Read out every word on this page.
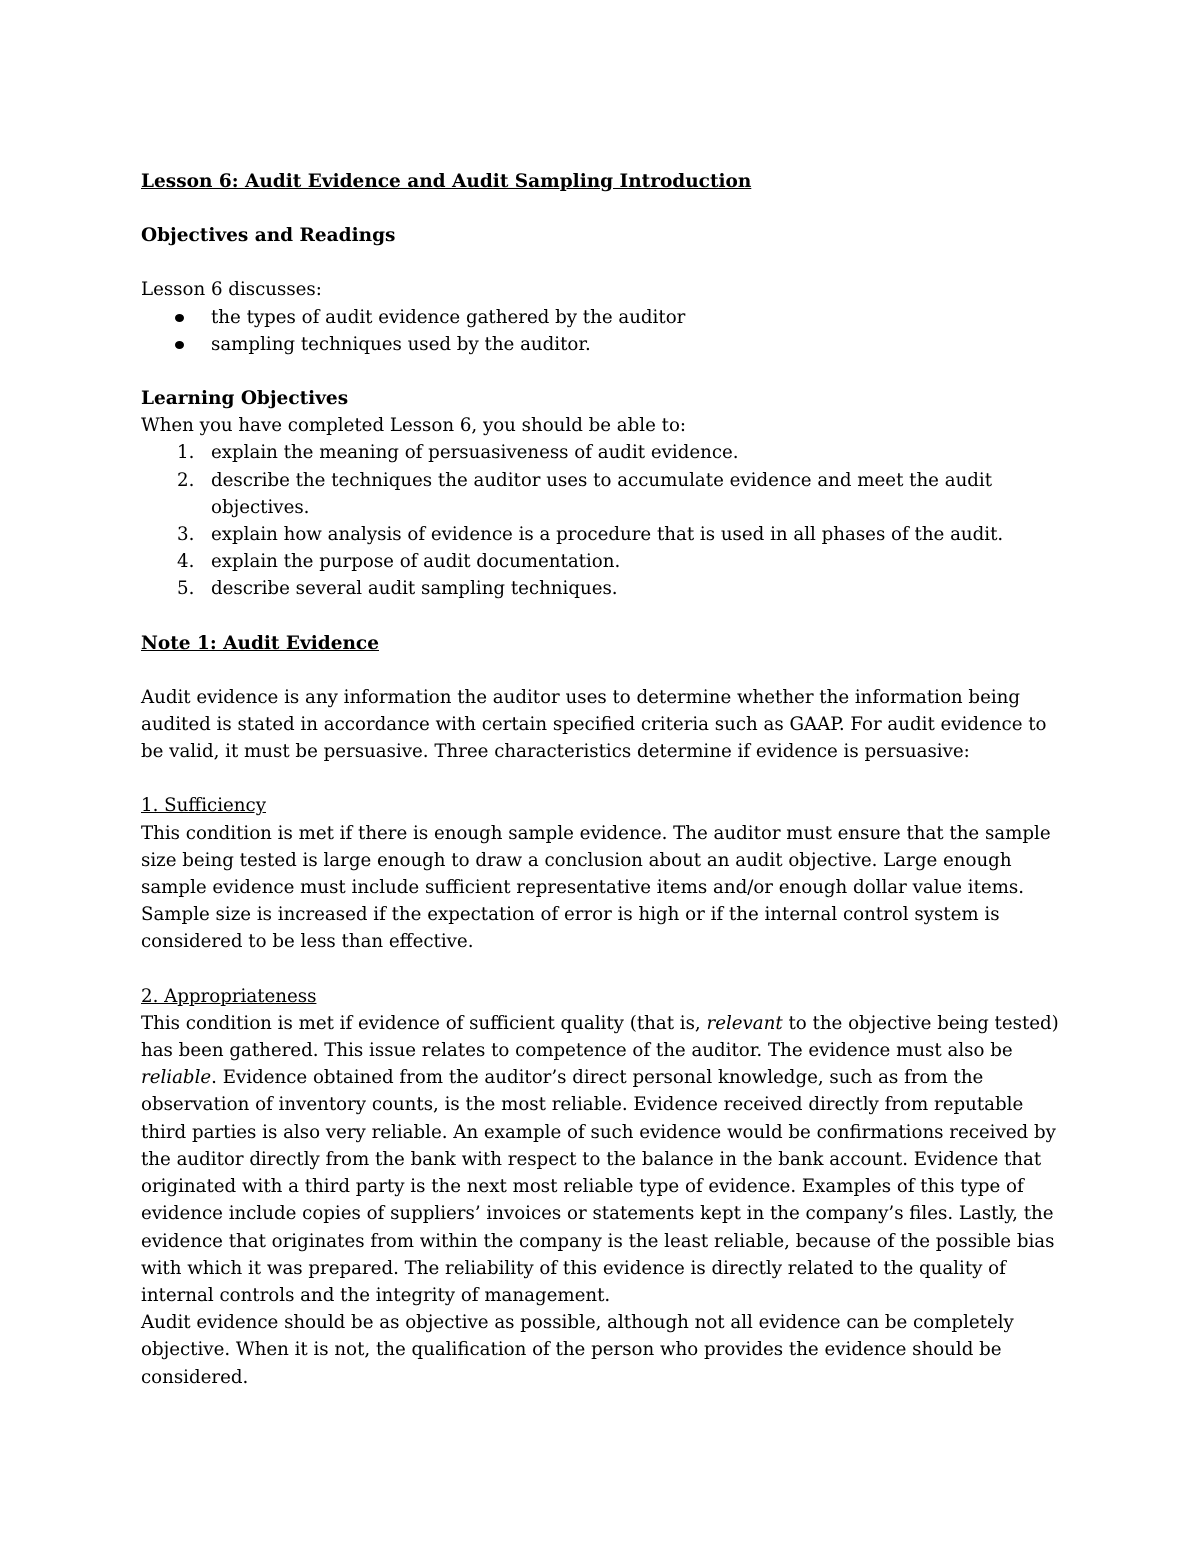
Lesson 6: Audit Evidence and Audit Sampling Introduction

Objectives and Readings

Lesson 6 discusses:

the types of audit evidence gathered by the auditor
sampling techniques used by the auditor.

Learning Objectives

When you have completed Lesson 6, you should be able to:

1. explain the meaning of persuasiveness of audit evidence.
2. describe the techniques the auditor uses to accumulate evidence and meet the audit objectives.
3. explain how analysis of evidence is a procedure that is used in all phases of the audit.
4. explain the purpose of audit documentation.
5. describe several audit sampling techniques.

Note 1: Audit Evidence

Audit evidence is any information the auditor uses to determine whether the information being audited is stated in accordance with certain specified criteria such as GAAP. For audit evidence to be valid, it must be persuasive. Three characteristics determine if evidence is persuasive:

1. Sufficiency

This condition is met if there is enough sample evidence. The auditor must ensure that the sample size being tested is large enough to draw a conclusion about an audit objective. Large enough sample evidence must include sufficient representative items and/or enough dollar value items. Sample size is increased if the expectation of error is high or if the internal control system is considered to be less than effective.

2. Appropriateness

This condition is met if evidence of sufficient quality (that is, relevant to the objective being tested) has been gathered. This issue relates to competence of the auditor. The evidence must also be reliable. Evidence obtained from the auditor’s direct personal knowledge, such as from the observation of inventory counts, is the most reliable. Evidence received directly from reputable third parties is also very reliable. An example of such evidence would be confirmations received by the auditor directly from the bank with respect to the balance in the bank account. Evidence that originated with a third party is the next most reliable type of evidence. Examples of this type of evidence include copies of suppliers’ invoices or statements kept in the company’s files. Lastly, the evidence that originates from within the company is the least reliable, because of the possible bias with which it was prepared. The reliability of this evidence is directly related to the quality of internal controls and the integrity of management.

Audit evidence should be as objective as possible, although not all evidence can be completely objective. When it is not, the qualification of the person who provides the evidence should be considered.
